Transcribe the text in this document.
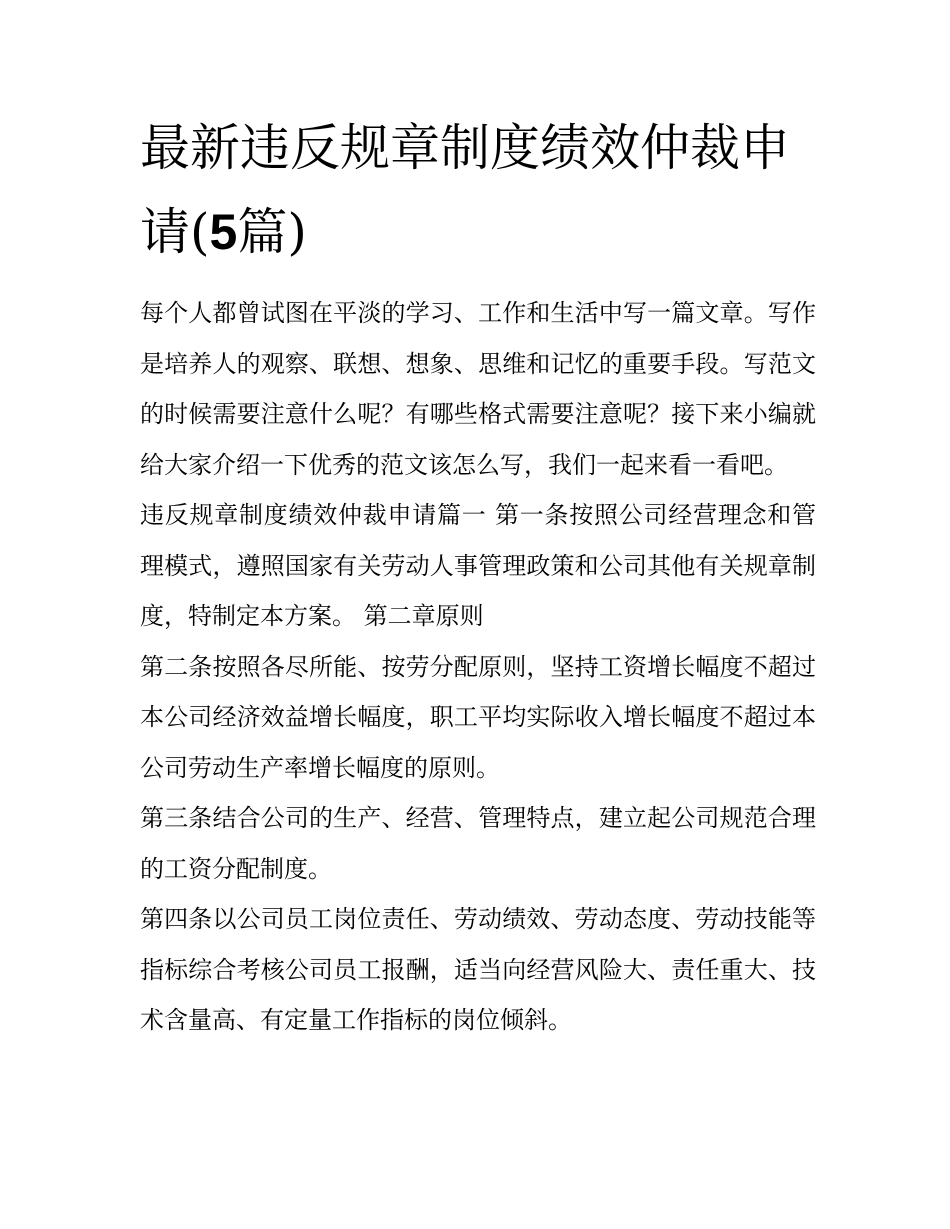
最新违反规章制度绩效仲裁申请(5篇)

每个人都曾试图在平淡的学习、工作和生活中写一篇文章。写作是培养人的观察、联想、想象、思维和记忆的重要手段。写范文的时候需要注意什么呢？有哪些格式需要注意呢？接下来小编就给大家介绍一下优秀的范文该怎么写，我们一起来看一看吧。

违反规章制度绩效仲裁申请篇一 第一条按照公司经营理念和管理模式，遵照国家有关劳动人事管理政策和公司其他有关规章制度，特制定本方案。 第二章原则

第二条按照各尽所能、按劳分配原则，坚持工资增长幅度不超过本公司经济效益增长幅度，职工平均实际收入增长幅度不超过本公司劳动生产率增长幅度的原则。

第三条结合公司的生产、经营、管理特点，建立起公司规范合理的工资分配制度。

第四条以公司员工岗位责任、劳动绩效、劳动态度、劳动技能等指标综合考核公司员工报酬，适当向经营风险大、责任重大、技术含量高、有定量工作指标的岗位倾斜。
